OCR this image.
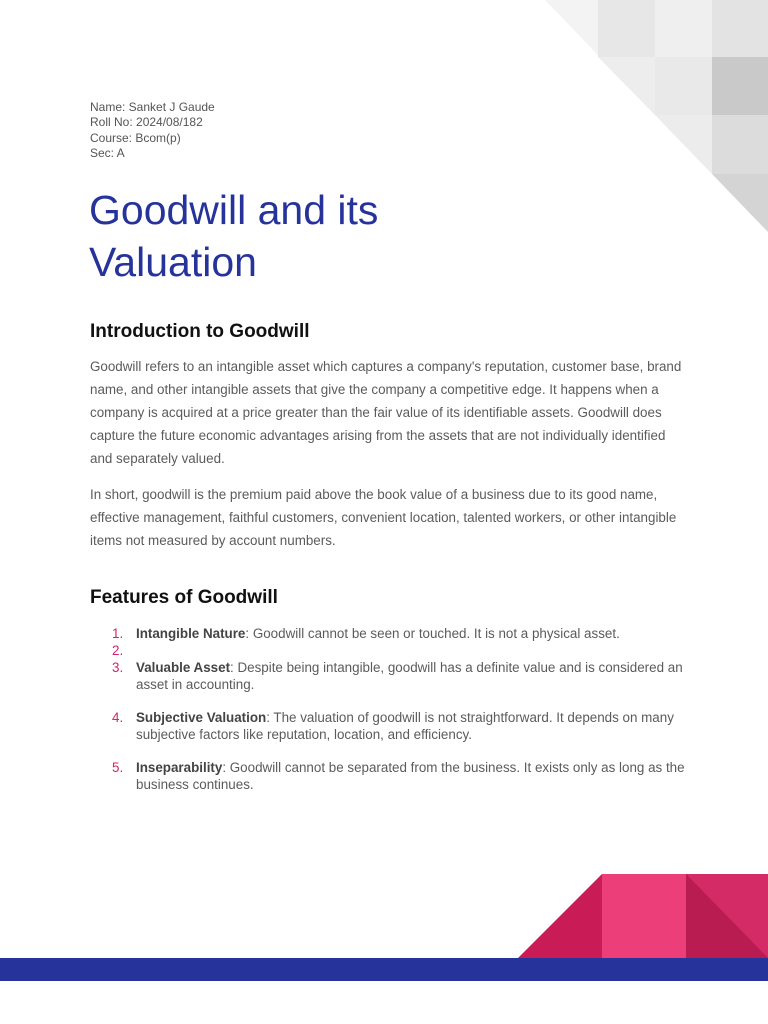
Name: Sanket J Gaude
Roll No: 2024/08/182
Course: Bcom(p)
Sec: A
Goodwill and its
Valuation
Introduction to Goodwill

Goodwill refers to an intangible asset which captures a company's reputation, customer base, brand name, and other intangible assets that give the company a competitive edge. It happens when a company is acquired at a price greater than the fair value of its identifiable assets. Goodwill does capture the future economic advantages arising from the assets that are not individually identified and separately valued.

In short, goodwill is the premium paid above the book value of a business due to its good name, effective management, faithful customers, convenient location, talented workers, or other intangible items not measured by account numbers.

Features of Goodwill
1. Intangible Nature: Goodwill cannot be seen or touched. It is not a physical asset.
2.

3. Valuable Asset: Despite being intangible, goodwill has a definite value and is considered an asset in accounting.
4. Subjective Valuation: The valuation of goodwill is not straightforward. It depends on many subjective factors like reputation, location, and efficiency.
5. Inseparability: Goodwill cannot be separated from the business. It exists only as long as the business continues.
